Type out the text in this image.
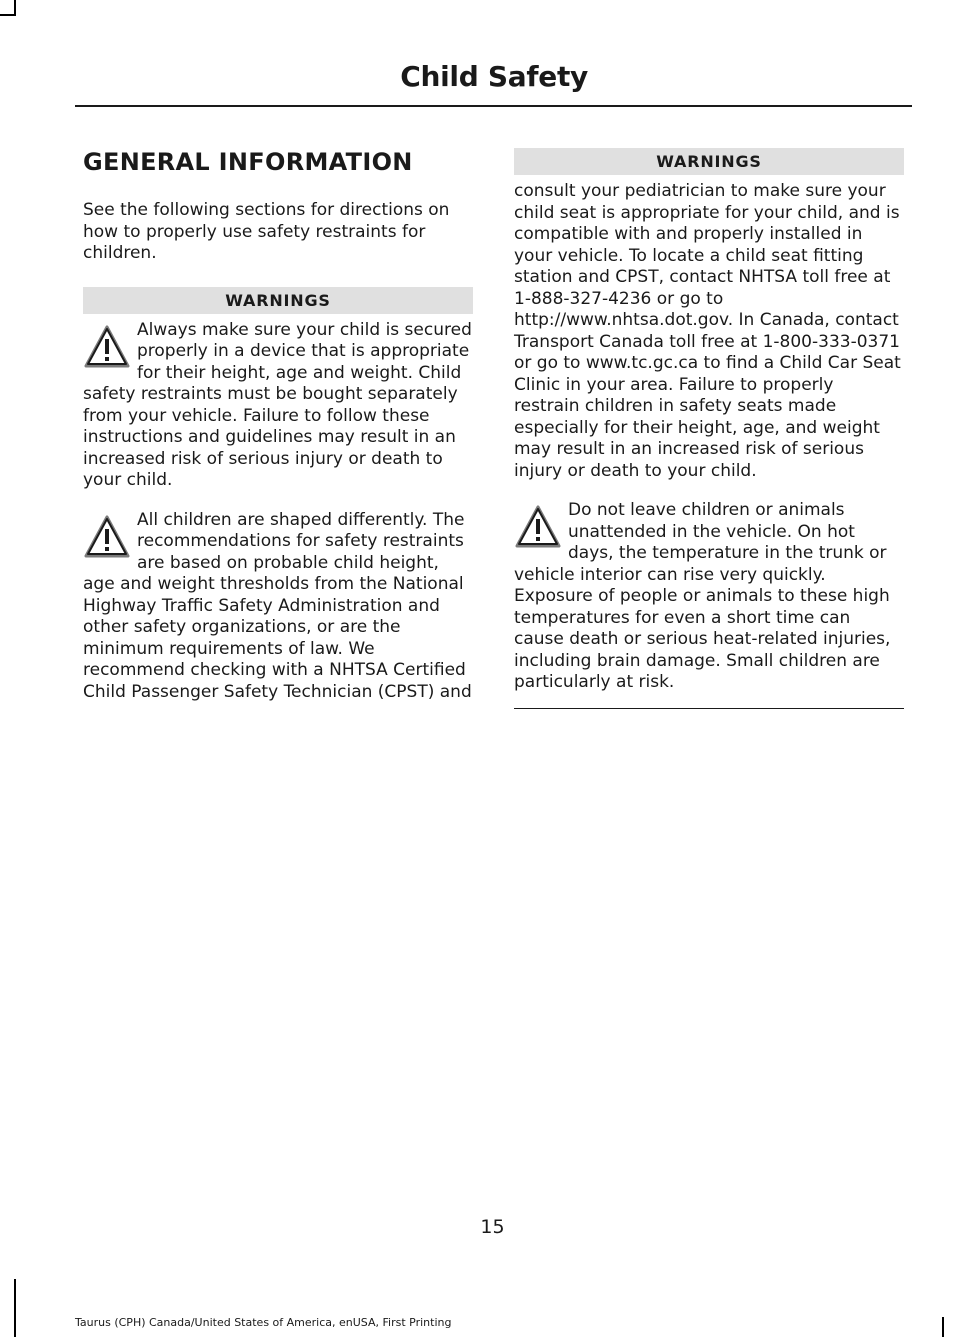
Child Safety
GENERAL INFORMATION

See the following sections for directions on how to properly use safety restraints for children.

WARNINGS
Always make sure your child is secured properly in a device that is appropriate for their height, age and weight. Child safety restraints must be bought separately from your vehicle. Failure to follow these instructions and guidelines may result in an increased risk of serious injury or death to your child.
All children are shaped differently. The recommendations for safety restraints are based on probable child height, age and weight thresholds from the National Highway Traffic Safety Administration and other safety organizations, or are the minimum requirements of law. We recommend checking with a NHTSA Certified Child Passenger Safety Technician (CPST) and
WARNINGS

consult your pediatrician to make sure your child seat is appropriate for your child, and is compatible with and properly installed in your vehicle. To locate a child seat fitting station and CPST, contact NHTSA toll free at 1-888-327-4236 or go to http://www.nhtsa.dot.gov. In Canada, contact Transport Canada toll free at 1-800-333-0371 or go to www.tc.gc.ca to find a Child Car Seat Clinic in your area. Failure to properly restrain children in safety seats made especially for their height, age, and weight may result in an increased risk of serious injury or death to your child.

Do not leave children or animals unattended in the vehicle. On hot days, the temperature in the trunk or vehicle interior can rise very quickly. Exposure of people or animals to these high temperatures for even a short time can cause death or serious heat-related injuries, including brain damage. Small children are particularly at risk.
15
Taurus (CPH) Canada/United States of America, enUSA, First Printing
